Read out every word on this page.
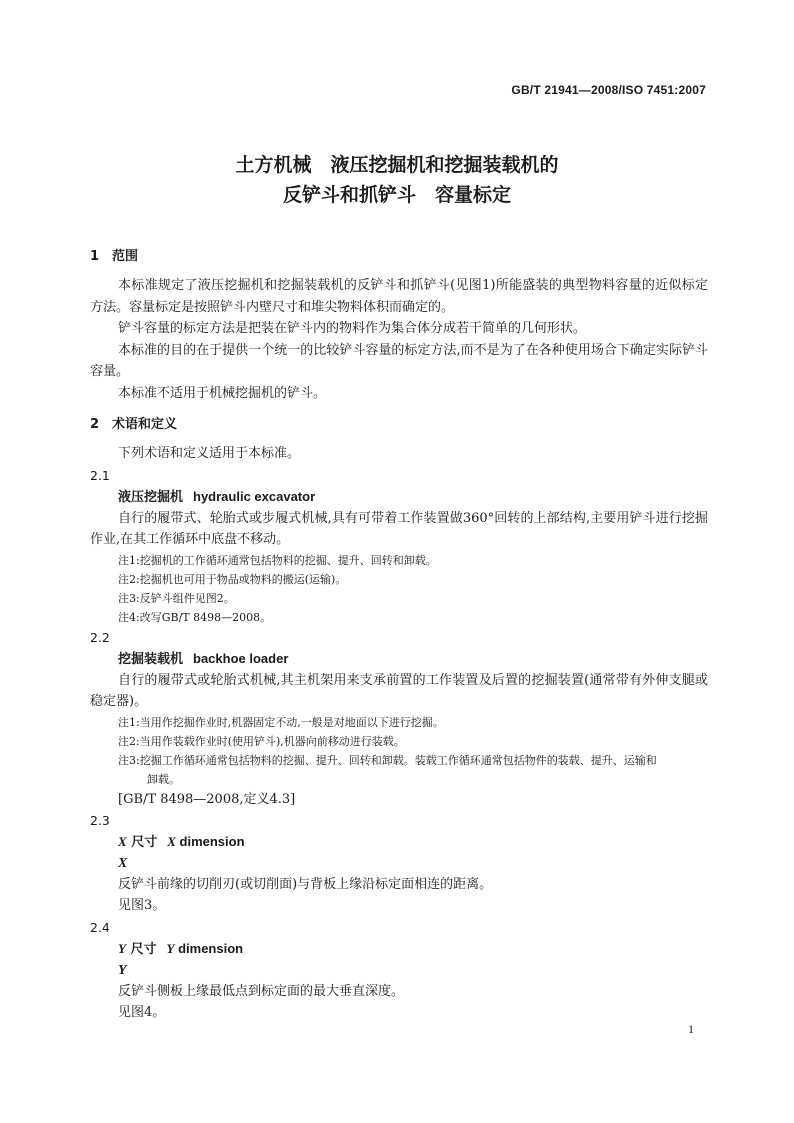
GB/T 21941—2008/ISO 7451:2007
土方机械　液压挖掘机和挖掘装载机的
反铲斗和抓铲斗　容量标定
1 范围

本标准规定了液压挖掘机和挖掘装载机的反铲斗和抓铲斗(见图1)所能盛装的典型物料容量的近似标定方法。容量标定是按照铲斗内壁尺寸和堆尖物料体积而确定的。

铲斗容量的标定方法是把装在铲斗内的物料作为集合体分成若干简单的几何形状。

本标准的目的在于提供一个统一的比较铲斗容量的标定方法,而不是为了在各种使用场合下确定实际铲斗容量。

本标准不适用于机械挖掘机的铲斗。

2 术语和定义

下列术语和定义适用于本标准。

2.1
液压挖掘机 hydraulic excavator

自行的履带式、轮胎式或步履式机械,具有可带着工作装置做360°回转的上部结构,主要用铲斗进行挖掘作业,在其工作循环中底盘不移动。

注1:挖掘机的工作循环通常包括物料的挖掘、提升、回转和卸载。
注2:挖掘机也可用于物品或物料的搬运(运输)。
注3:反铲斗组件见图2。
注4:改写GB/T 8498—2008。
2.2
挖掘装载机 backhoe loader

自行的履带式或轮胎式机械,其主机架用来支承前置的工作装置及后置的挖掘装置(通常带有外伸支腿或稳定器)。

注1:当用作挖掘作业时,机器固定不动,一般是对地面以下进行挖掘。
注2:当用作装载作业时(使用铲斗),机器向前移动进行装载。
注3:挖掘工作循环通常包括物料的挖掘、提升、回转和卸载。装载工作循环通常包括物件的装载、提升、运输和
卸载。
[GB/T 8498—2008,定义4.3]
2.3
X 尺寸 X dimension
X
反铲斗前缘的切削刃(或切削面)与背板上缘沿标定面相连的距离。
见图3。
2.4
Y 尺寸 Y dimension
Y
反铲斗侧板上缘最低点到标定面的最大垂直深度。
见图4。
1
